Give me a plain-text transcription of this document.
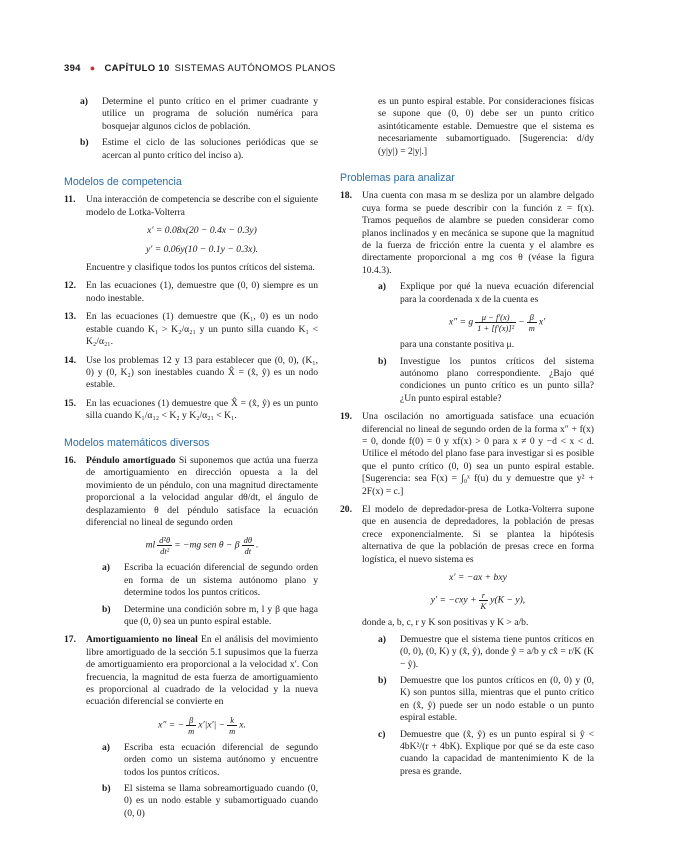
394 ● CAPÍTULO 10 SISTEMAS AUTÓNOMOS PLANOS
a) Determine el punto crítico en el primer cuadrante y utilice un programa de solución numérica para bosquejar algunos ciclos de población.
b) Estime el ciclo de las soluciones periódicas que se acercan al punto crítico del inciso a).
Modelos de competencia
11. Una interacción de competencia se describe con el siguiente modelo de Lotka-Volterra
x′ = 0.08x(20 − 0.4x − 0.3y)
y′ = 0.06y(10 − 0.1y − 0.3x).
Encuentre y clasifique todos los puntos críticos del sistema.
12. En las ecuaciones (1), demuestre que (0, 0) siempre es un nodo inestable.
13. En las ecuaciones (1) demuestre que (K₁, 0) es un nodo estable cuando K₁ > K₂/α₂₁ y un punto silla cuando K₁ < K₂/α₂₁.
14. Use los problemas 12 y 13 para establecer que (0, 0), (K₁, 0) y (0, K₂) son inestables cuando X̂ = (x̂, ŷ) es un nodo estable.
15. En las ecuaciones (1) demuestre que X̂ = (x̂, ŷ) es un punto silla cuando K₁/α₁₂ < K₂ y K₂/α₂₁ < K₁.
Modelos matemáticos diversos
16. Péndulo amortiguado Si suponemos que actúa una fuerza de amortiguamiento en dirección opuesta a la del movimiento de un péndulo, con una magnitud directamente proporcional a la velocidad angular dθ/dt, el ángulo de desplazamiento θ del péndulo satisface la ecuación diferencial no lineal de segundo orden
ml $\frac{\text{d²θ}}{\text{dt²}} = -mg$ sen θ − β $\frac{d\theta}{dt}$ .
a) Escriba la ecuación diferencial de segundo orden en forma de un sistema autónomo plano y determine todos los puntos críticos.
b) Determine una condición sobre m, l y β que haga que (0, 0) sea un punto espiral estable.
17. Amortiguamiento no lineal En el análisis del movimiento libre amortiguado de la sección 5.1 supusimos que la fuerza de amortiguamiento era proporcional a la velocidad x′. Con frecuencia, la magnitud de esta fuerza de amortiguamiento es proporcional al cuadrado de la velocidad y la nueva ecuación diferencial se convierte en
x″ = − $\frac{\beta}{m} x'|x'| - \frac{k}{m} x$.
a) Escriba esta ecuación diferencial de segundo orden como un sistema autónomo y encuentre todos los puntos críticos.
b) El sistema se llama sobreamortiguado cuando (0, 0) es un nodo estable y subamortiguado cuando (0, 0)
es un punto espiral estable. Por consideraciones físicas se supone que (0, 0) debe ser un punto crítico asintóticamente estable. Demuestre que el sistema es necesariamente subamortiguado. [Sugerencia: d/dy (y|y|) = 2|y|.]
Problemas para analizar
18. Una cuenta con masa m se desliza por un alambre delgado cuya forma se puede describir con la función z = f(x). Tramos pequeños de alambre se pueden considerar como planos inclinados y en mecánica se supone que la magnitud de la fuerza de fricción entre la cuenta y el alambre es directamente proporcional a mg cos θ (véase la figura 10.4.3).
a) Explique por qué la nueva ecuación diferencial para la coordenada x de la cuenta es
x″ = g $\frac{\mu - f'(x)}{\text{1 + [f′(x)]²}} - \frac{\beta}{m} x'$
para una constante positiva μ.
b) Investigue los puntos críticos del sistema autónomo plano correspondiente. ¿Bajo qué condiciones un punto crítico es un punto silla? ¿Un punto espiral estable?
19. Una oscilación no amortiguada satisface una ecuación diferencial no lineal de segundo orden de la forma x″ + f(x) = 0, donde f(0) = 0 y xf(x) > 0 para x ≠ 0 y −d < x < d. Utilice el método del plano fase para investigar si es posible que el punto crítico (0, 0) sea un punto espiral estable. [Sugerencia: sea F(x) = ∫₀ˣ f(u) du y demuestre que y² + 2F(x) = c.]
20. El modelo de depredador-presa de Lotka-Volterra supone que en ausencia de depredadores, la población de presas crece exponencialmente. Si se plantea la hipótesis alternativa de que la población de presas crece en forma logística, el nuevo sistema es
x′ = −ax + bxy
$y' = -cxy + \frac{r}{K} y(K - y)$,
donde a, b, c, r y K son positivas y K > a/b.
a) Demuestre que el sistema tiene puntos críticos en (0, 0), (0, K) y (x̂, ŷ), donde ŷ = a/b y cx̂ = r/K (K − ŷ).
b) Demuestre que los puntos críticos en (0, 0) y (0, K) son puntos silla, mientras que el punto crítico en (x̂, ŷ) puede ser un nodo estable o un punto espiral estable.
c) Demuestre que (x̂, ŷ) es un punto espiral si ŷ < 4bK²/(r + 4bK). Explique por qué se da este caso cuando la capacidad de mantenimiento K de la presa es grande.
